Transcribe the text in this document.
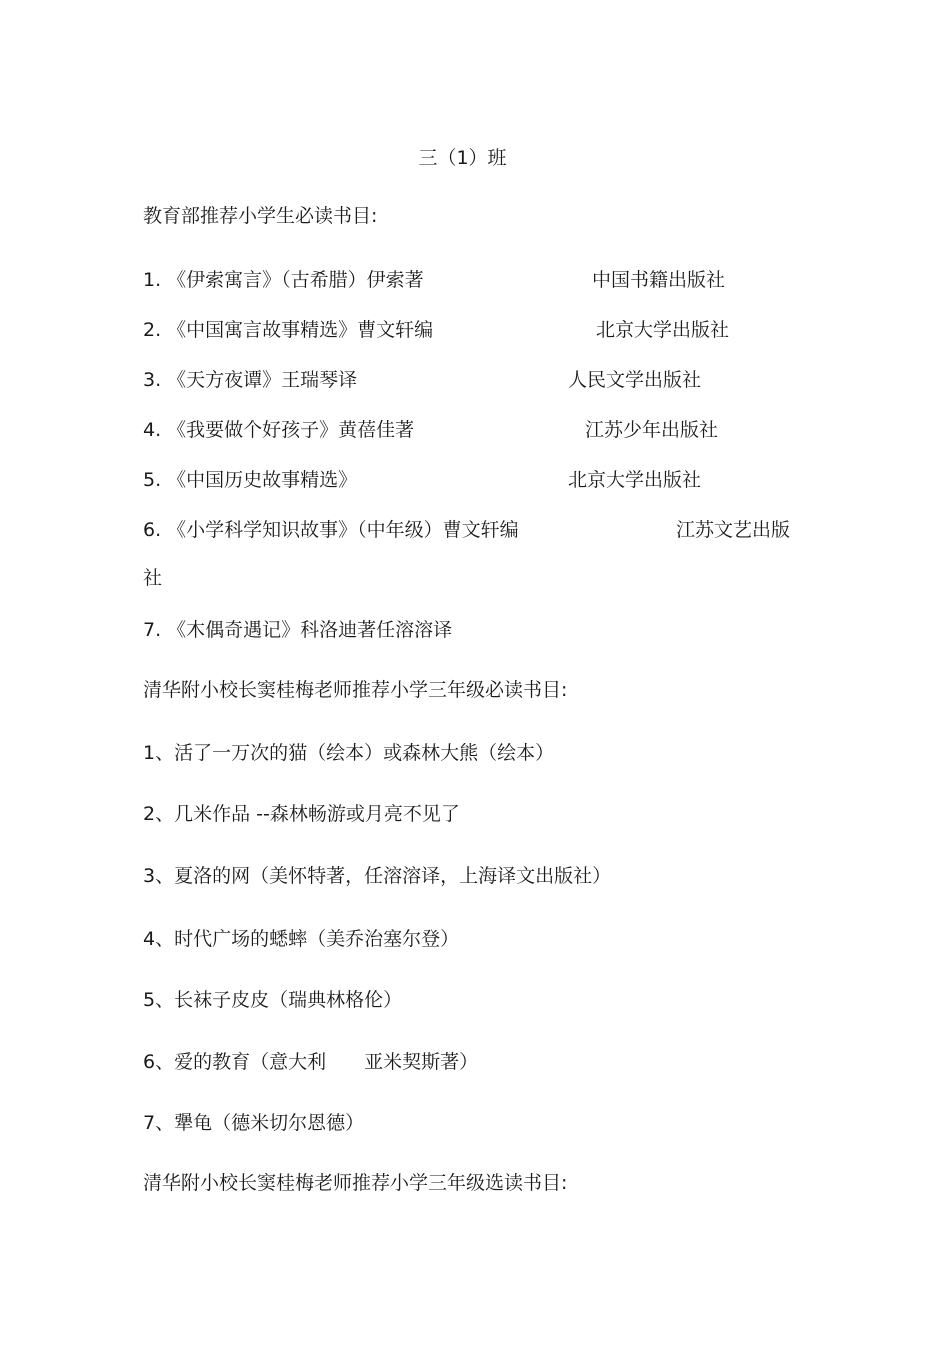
三（1）班
教育部推荐小学生必读书目:
1. 《伊索寓言》（古希腊）伊索著	中国书籍出版社
2. 《中国寓言故事精选》曹文轩编	北京大学出版社
3. 《天方夜谭》王瑞琴译	人民文学出版社
4. 《我要做个好孩子》黄蓓佳著	江苏少年出版社
5. 《中国历史故事精选》	北京大学出版社
6. 《小学科学知识故事》（中年级）曹文轩编	江苏文艺出版
社
7. 《木偶奇遇记》科洛迪著任溶溶译
清华附小校长窦桂梅老师推荐小学三年级必读书目:
1、活了一万次的猫（绘本）或森林大熊（绘本）
2、几米作品 --森林畅游或月亮不见了
3、夏洛的网（美怀特著，任溶溶译，上海译文出版社）
4、时代广场的蟋蟀（美乔治塞尔登）
5、长袜子皮皮（瑞典林格伦）
6、爱的教育（意大利　　亚米契斯著）
7、犟龟（德米切尔恩德）
清华附小校长窦桂梅老师推荐小学三年级选读书目:
